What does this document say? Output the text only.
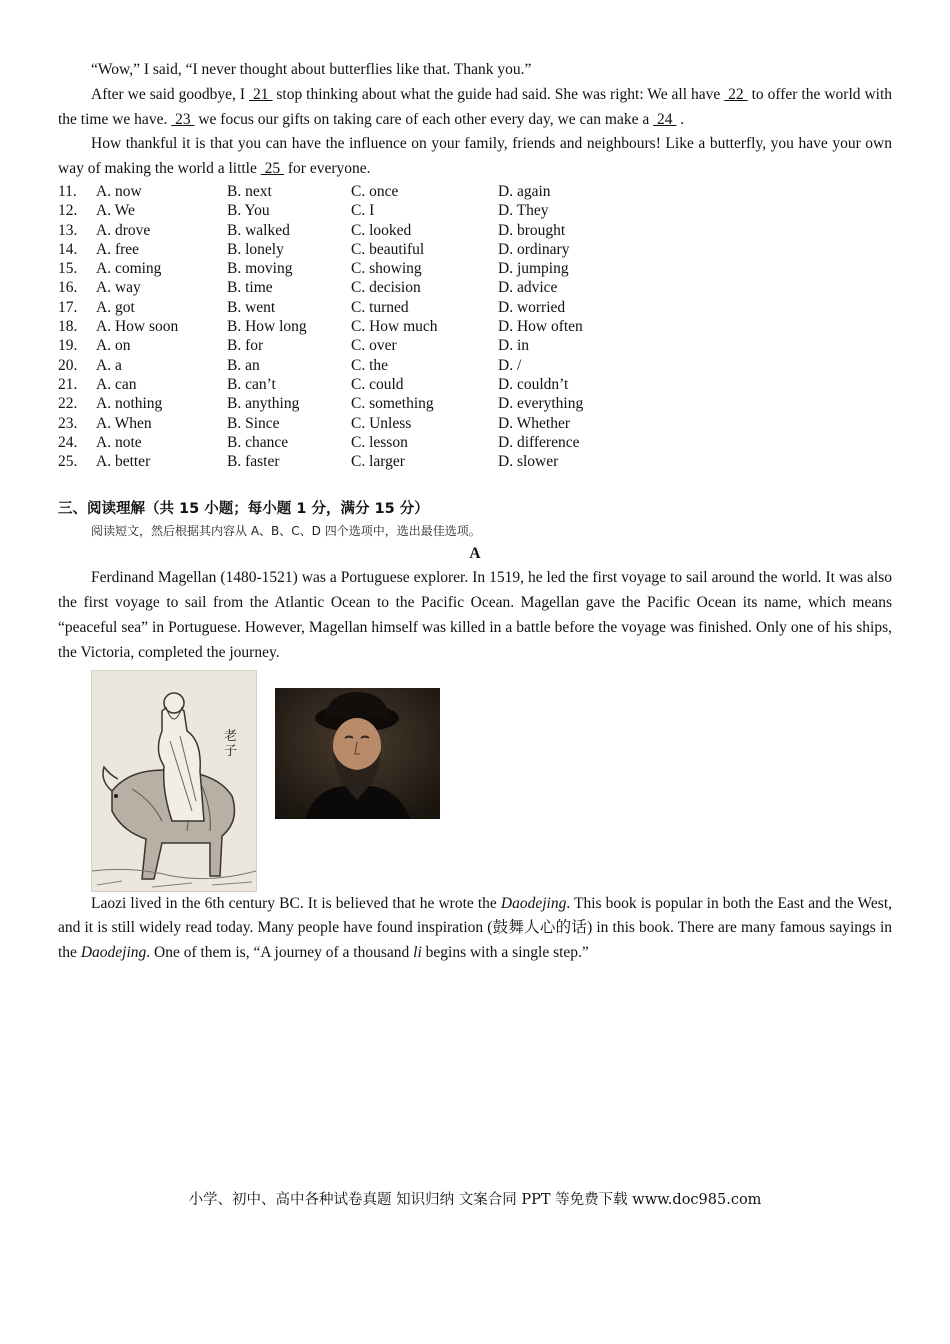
“Wow,” I said, “I never thought about butterflies like that. Thank you.”

After we said goodbye, I  21  stop thinking about what the guide had said. She was right: We all have  22  to offer the world with the time we have.  23  we focus our gifts on taking care of each other every day, we can make a  24  .

How thankful it is that you can have the influence on your family, friends and neighbours! Like a butterfly, you have your own way of making the world a little  25  for everyone.

11.	A. now	B. next	C. once	D. again
12.	A. We	B. You	C. I	D. They
13.	A. drove	B. walked	C. looked	D. brought
14.	A. free	B. lonely	C. beautiful	D. ordinary
15.	A. coming	B. moving	C. showing	D. jumping
16.	A. way	B. time	C. decision	D. advice
17.	A. got	B. went	C. turned	D. worried
18.	A. How soon	B. How long	C. How much	D. How often
19.	A. on	B. for	C. over	D. in
20.	A. a	B. an	C. the	D. /
21.	A. can	B. can’t	C. could	D. couldn’t
22.	A. nothing	B. anything	C. something	D. everything
23.	A. When	B. Since	C. Unless	D. Whether
24.	A. note	B. chance	C. lesson	D. difference
25.	A. better	B. faster	C. larger	D. slower
三、阅读理解（共 15 小题；每小题 1 分，满分 15 分）
阅读短文，然后根据其内容从 A、B、C、D 四个选项中，选出最佳选项。
A

Ferdinand Magellan (1480-1521) was a Portuguese explorer. In 1519, he led the first voyage to sail around the world. It was also the first voyage to sail from the Atlantic Ocean to the Pacific Ocean. Magellan gave the Pacific Ocean its name, which means “peaceful sea” in Portuguese. However, Magellan himself was killed in a battle before the voyage was finished. Only one of his ships, the Victoria, completed the journey.

老子

Laozi lived in the 6th century BC. It is believed that he wrote the Daodejing. This book is popular in both the East and the West, and it is still widely read today. Many people have found inspiration (鼓舞人心的话) in this book. There are many famous sayings in the Daodejing. One of them is, “A journey of a thousand li begins with a single step.”

小学、初中、高中各种试卷真题 知识归纳 文案合同 PPT 等免费下载 www.doc985.com
